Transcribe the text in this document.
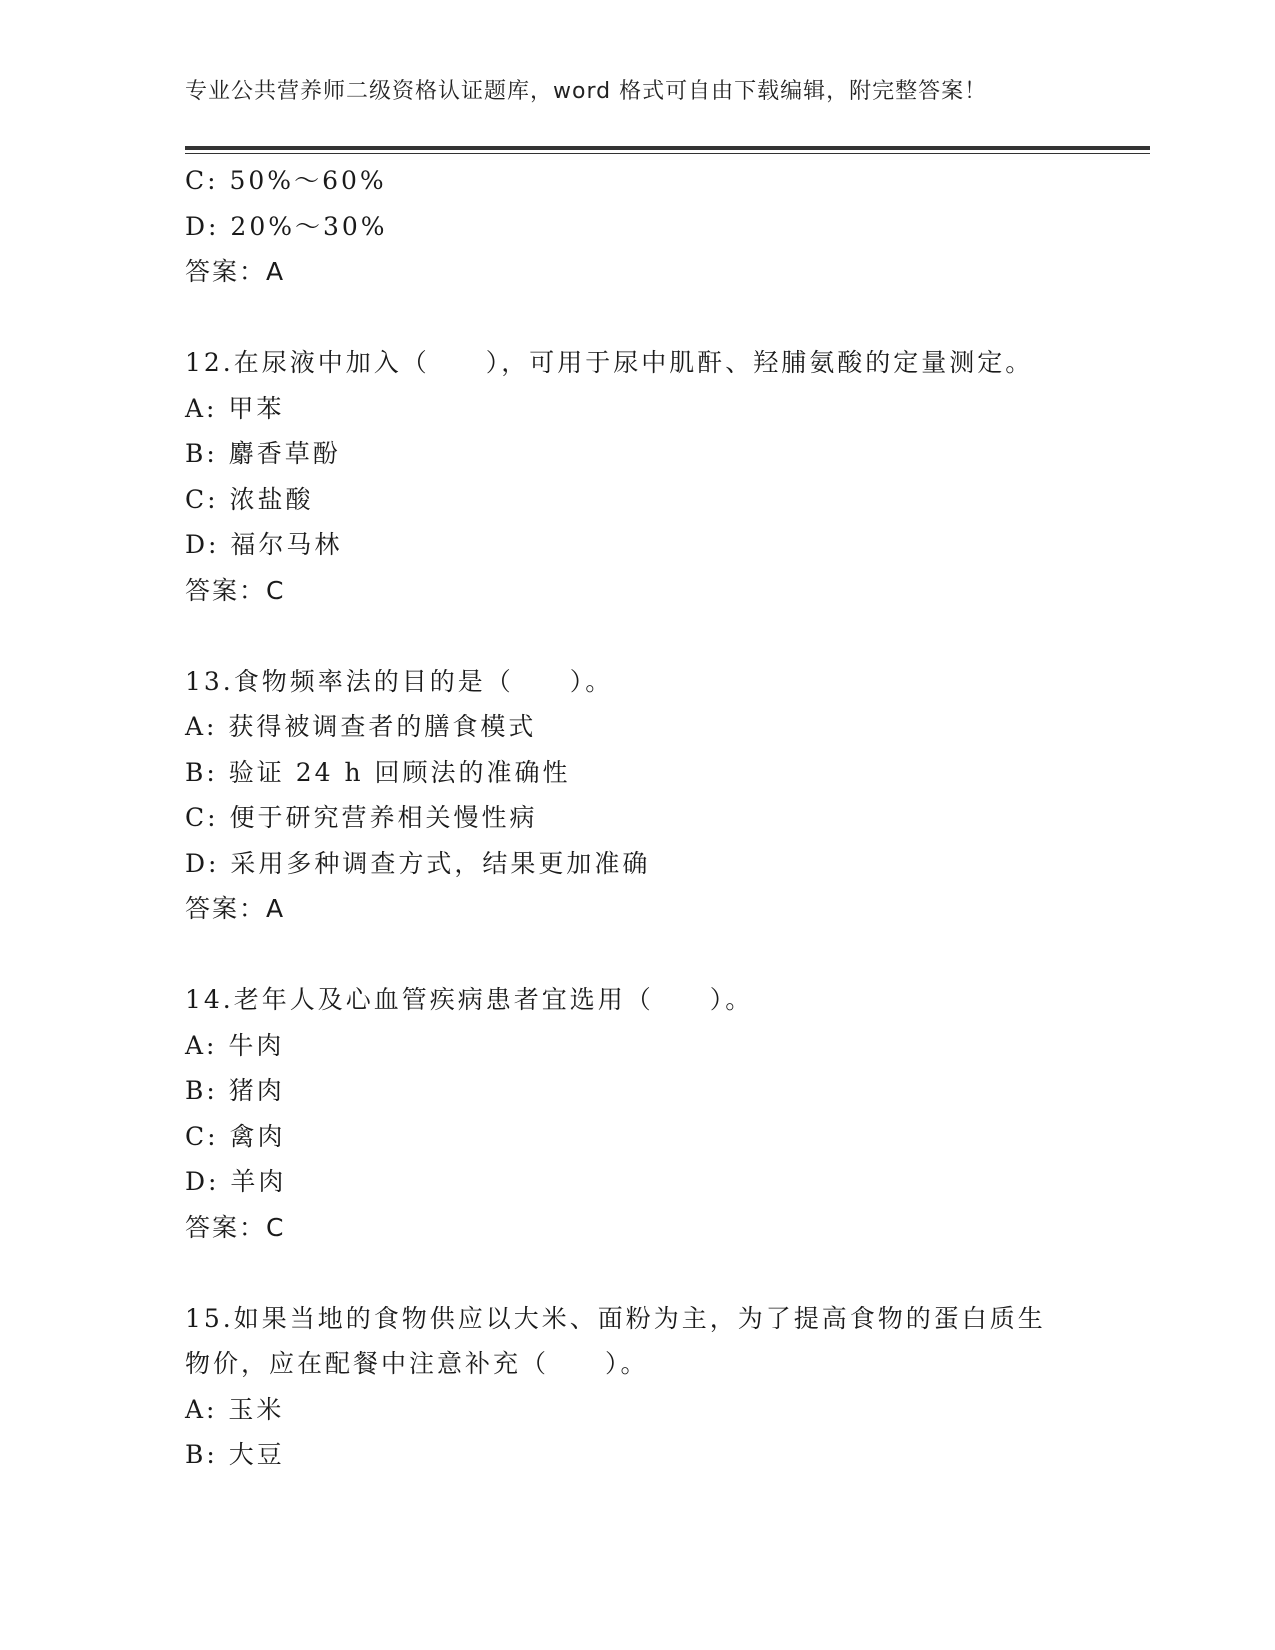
专业公共营养师二级资格认证题库，word 格式可自由下载编辑，附完整答案！
C: 50%～60%
D: 20%～30%
答案：A
12.在尿液中加入（　　），可用于尿中肌酐、羟脯氨酸的定量测定。
A: 甲苯
B: 麝香草酚
C: 浓盐酸
D: 福尔马林
答案：C
13.食物频率法的目的是（　　）。
A: 获得被调查者的膳食模式
B: 验证 24 h 回顾法的准确性
C: 便于研究营养相关慢性病
D: 采用多种调查方式，结果更加准确
答案：A
14.老年人及心血管疾病患者宜选用（　　）。
A: 牛肉
B: 猪肉
C: 禽肉
D: 羊肉
答案：C
15.如果当地的食物供应以大米、面粉为主，为了提高食物的蛋白质生
物价，应在配餐中注意补充（　　）。
A: 玉米
B: 大豆
